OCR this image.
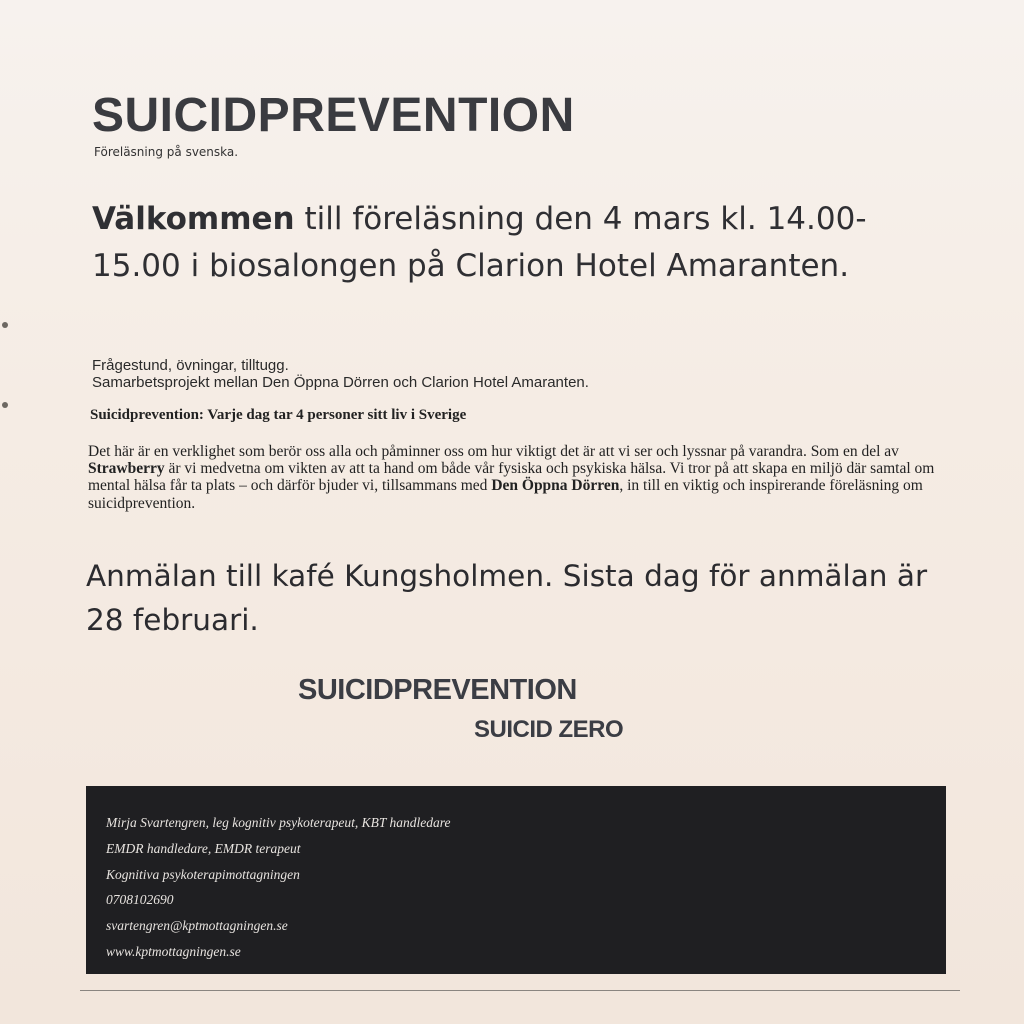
SUICIDPREVENTION
Föreläsning på svenska.

Välkommen till föreläsning den 4 mars kl. 14.00-15.00 i biosalongen på Clarion Hotel Amaranten.

Frågestund, övningar, tilltugg.
Samarbetsprojekt mellan Den Öppna Dörren och Clarion Hotel Amaranten.
Suicidprevention: Varje dag tar 4 personer sitt liv i Sverige
Det här är en verklighet som berör oss alla och påminner oss om hur viktigt det är att vi ser och lyssnar på varandra. Som en del av Strawberry är vi medvetna om vikten av att ta hand om både vår fysiska och psykiska hälsa. Vi tror på att skapa en miljö där samtal om mental hälsa får ta plats – och därför bjuder vi, tillsammans med Den Öppna Dörren, in till en viktig och inspirerande föreläsning om suicidprevention.
Anmälan till kafé Kungsholmen. Sista dag för anmälan är 28 februari.
SUICIDPREVENTION
SUICID ZERO
Mirja Svartengren, leg kognitiv psykoterapeut, KBT handledare
EMDR handledare, EMDR terapeut
Kognitiva psykoterapimottagningen
0708102690
svartengren@kptmottagningen.se
www.kptmottagningen.se
